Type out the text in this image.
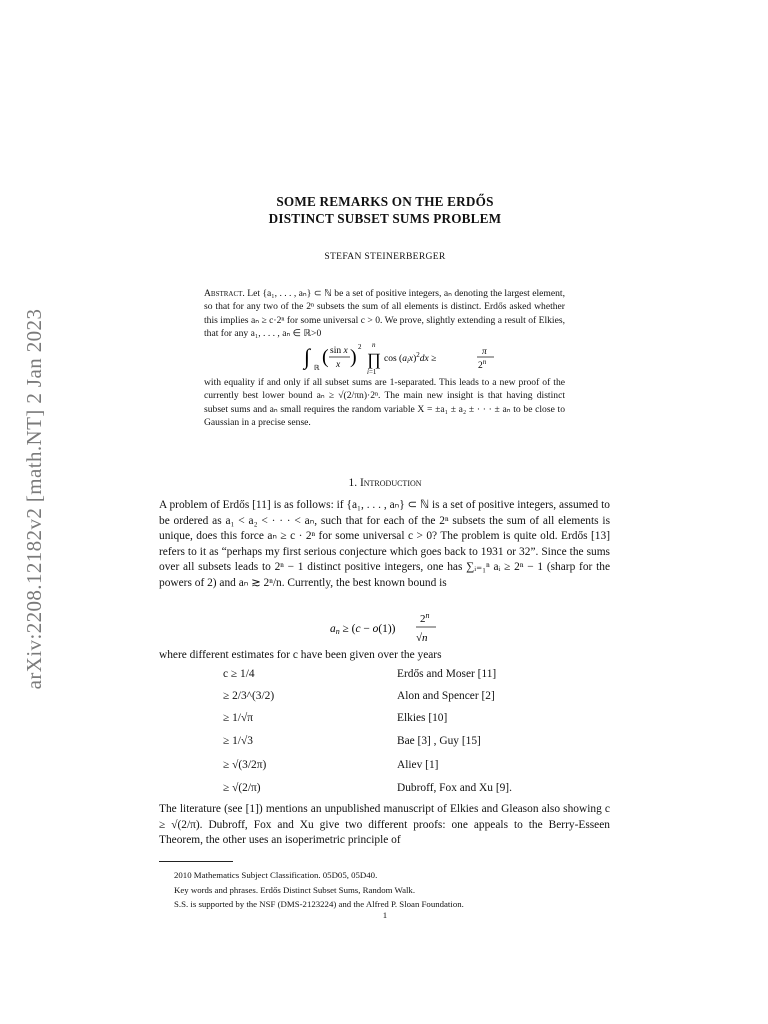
arXiv:2208.12182v2 [math.NT] 2 Jan 2023
SOME REMARKS ON THE ERDŐS
DISTINCT SUBSET SUMS PROBLEM
STEFAN STEINERBERGER
Abstract. Let {a₁, . . . , aₙ} ⊂ ℕ be a set of positive integers, aₙ denoting the largest element, so that for any two of the 2ⁿ subsets the sum of all elements is distinct. Erdős asked whether this implies aₙ ≥ c·2ⁿ for some universal c > 0. We prove, slightly extending a result of Elkies, that for any a₁, . . . , aₙ ∈ ℝ>0
∫ ℝ ( sin x
x ) 2
∏
n
i=1
$\cos (a_ix)^2dx$ ≥
π
2$^n$
with equality if and only if all subset sums are 1-separated. This leads to a new proof of the currently best lower bound aₙ ≥ √(2/πn)·2ⁿ. The main new insight is that having distinct subset sums and aₙ small requires the random variable X = ±a₁ ± a₂ ± · · · ± aₙ to be close to Gaussian in a precise sense.
1. Introduction
A problem of Erdős [11] is as follows: if {a₁, . . . , aₙ} ⊂ ℕ is a set of positive integers, assumed to be ordered as a₁ < a₂ < · · · < aₙ, such that for each of the 2ⁿ subsets the sum of all elements is unique, does this force aₙ ≥ c · 2ⁿ for some universal c > 0? The problem is quite old. Erdős [13] refers to it as “perhaps my first serious conjecture which goes back to 1931 or 32”. Since the sums over all subsets leads to 2ⁿ − 1 distinct positive integers, one has ∑ᵢ₌₁ⁿ aᵢ ≥ 2ⁿ − 1 (sharp for the powers of 2) and aₙ ≳ 2ⁿ/n. Currently, the best known bound is
an ≥ (c − o(1))
2$^n$
√n
where different estimates for c have been given over the years
c ≥ 1/4	Erdős and Moser [11]
≥ 2/3^(3/2)	Alon and Spencer [2]
≥ 1/√π	Elkies [10]
≥ 1/√3	Bae [3] , Guy [15]
≥ √(3/2π)	Aliev [1]
≥ √(2/π)	Dubroff, Fox and Xu [9].
The literature (see [1]) mentions an unpublished manuscript of Elkies and Gleason also showing c ≥ √(2/π). Dubroff, Fox and Xu give two different proofs: one appeals to the Berry-Esseen Theorem, the other uses an isoperimetric principle of
2010 Mathematics Subject Classification. 05D05, 05D40.
Key words and phrases. Erdős Distinct Subset Sums, Random Walk.
S.S. is supported by the NSF (DMS-2123224) and the Alfred P. Sloan Foundation.
1
